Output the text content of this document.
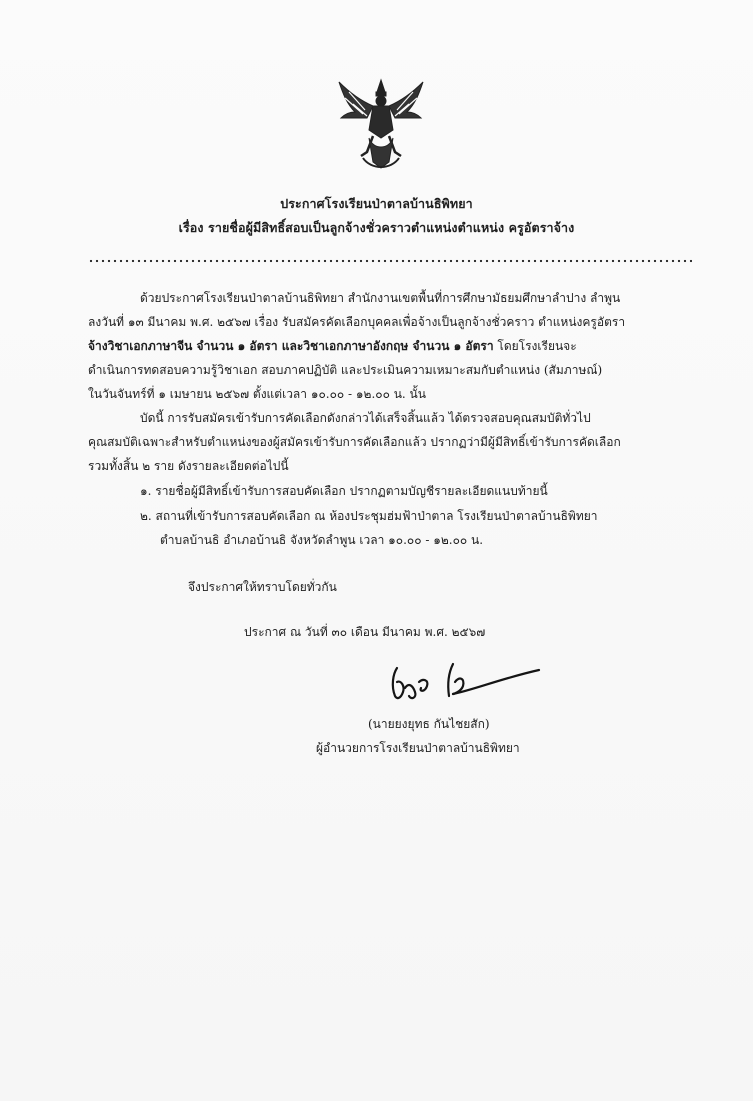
ประกาศโรงเรียนป่าตาลบ้านธิพิทยา
เรื่อง รายชื่อผู้มีสิทธิ์สอบเป็นลูกจ้างชั่วคราวตำแหน่งตำแหน่ง ครูอัตราจ้าง
ด้วยประกาศโรงเรียนป่าตาลบ้านธิพิทยา สำนักงานเขตพื้นที่การศึกษามัธยมศึกษาลำปาง ลำพูน
ลงวันที่ ๑๓ มีนาคม พ.ศ. ๒๕๖๗ เรื่อง รับสมัครคัดเลือกบุคคลเพื่อจ้างเป็นลูกจ้างชั่วคราว ตำแหน่งครูอัตรา
จ้างวิชาเอกภาษาจีน จำนวน ๑ อัตรา และวิชาเอกภาษาอังกฤษ จำนวน ๑ อัตรา โดยโรงเรียนจะ
ดำเนินการทดสอบความรู้วิชาเอก สอบภาคปฏิบัติ และประเมินความเหมาะสมกับตำแหน่ง (สัมภาษณ์)
ในวันจันทร์ที่ ๑ เมษายน ๒๕๖๗ ตั้งแต่เวลา ๑๐.๐๐ - ๑๒.๐๐ น. นั้น
บัดนี้ การรับสมัครเข้ารับการคัดเลือกดังกล่าวได้เสร็จสิ้นแล้ว ได้ตรวจสอบคุณสมบัติทั่วไป
คุณสมบัติเฉพาะสำหรับตำแหน่งของผู้สมัครเข้ารับการคัดเลือกแล้ว ปรากฏว่ามีผู้มีสิทธิ์เข้ารับการคัดเลือก
รวมทั้งสิ้น ๒ ราย ดังรายละเอียดต่อไปนี้
๑. รายชื่อผู้มีสิทธิ์เข้ารับการสอบคัดเลือก ปรากฏตามบัญชีรายละเอียดแนบท้ายนี้
๒. สถานที่เข้ารับการสอบคัดเลือก ณ ห้องประชุมฮ่มฟ้าป่าตาล โรงเรียนป่าตาลบ้านธิพิทยา
ตำบลบ้านธิ อำเภอบ้านธิ จังหวัดลำพูน เวลา ๑๐.๐๐ - ๑๒.๐๐ น.
จึงประกาศให้ทราบโดยทั่วกัน
ประกาศ ณ วันที่ ๓๐ เดือน มีนาคม พ.ศ. ๒๕๖๗
(นายยงยุทธ กันไชยสัก)
ผู้อำนวยการโรงเรียนป่าตาลบ้านธิพิทยา
